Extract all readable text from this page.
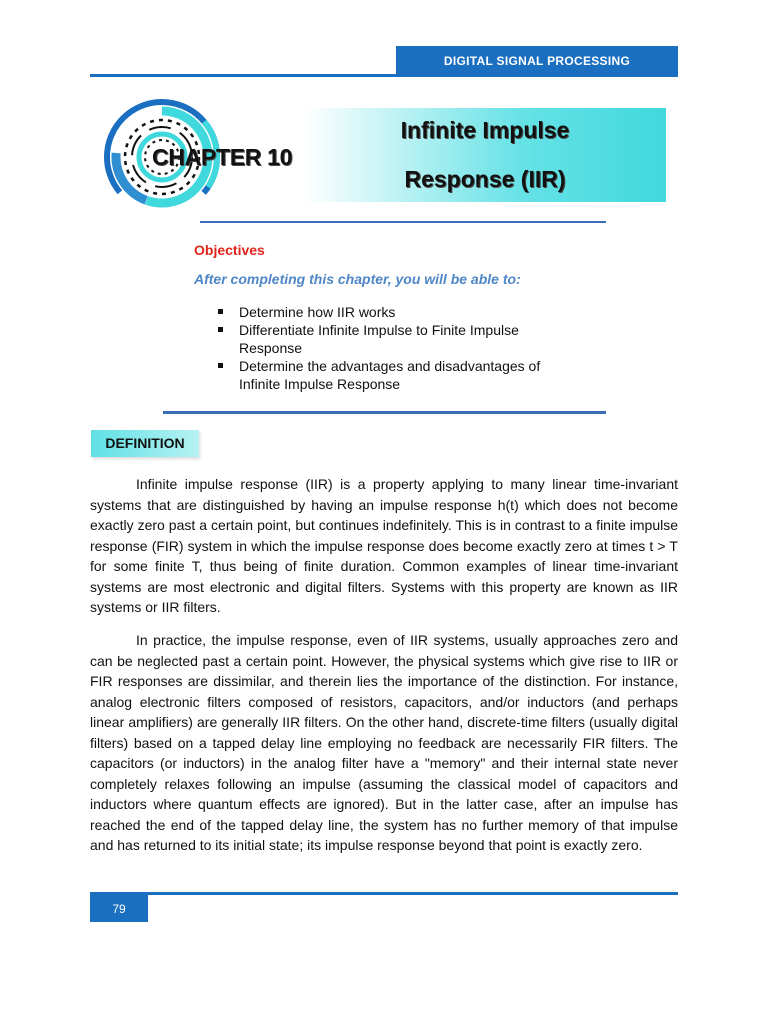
DIGITAL SIGNAL PROCESSING
Infinite Impulse
Response (IIR)
CHAPTER 10
Objectives
After completing this chapter, you will be able to:
Determine how IIR works
Differentiate Infinite Impulse to Finite Impulse Response
Determine the advantages and disadvantages of Infinite Impulse Response
DEFINITION

Infinite impulse response (IIR) is a property applying to many linear time-invariant systems that are distinguished by having an impulse response h(t) which does not become exactly zero past a certain point, but continues indefinitely. This is in contrast to a finite impulse response (FIR) system in which the impulse response does become exactly zero at times t > T for some finite T, thus being of finite duration. Common examples of linear time-invariant systems are most electronic and digital filters. Systems with this property are known as IIR systems or IIR filters.

In practice, the impulse response, even of IIR systems, usually approaches zero and can be neglected past a certain point. However, the physical systems which give rise to IIR or FIR responses are dissimilar, and therein lies the importance of the distinction. For instance, analog electronic filters composed of resistors, capacitors, and/or inductors (and perhaps linear amplifiers) are generally IIR filters. On the other hand, discrete-time filters (usually digital filters) based on a tapped delay line employing no feedback are necessarily FIR filters. The capacitors (or inductors) in the analog filter have a "memory" and their internal state never completely relaxes following an impulse (assuming the classical model of capacitors and inductors where quantum effects are ignored). But in the latter case, after an impulse has reached the end of the tapped delay line, the system has no further memory of that impulse and has returned to its initial state; its impulse response beyond that point is exactly zero.

79
